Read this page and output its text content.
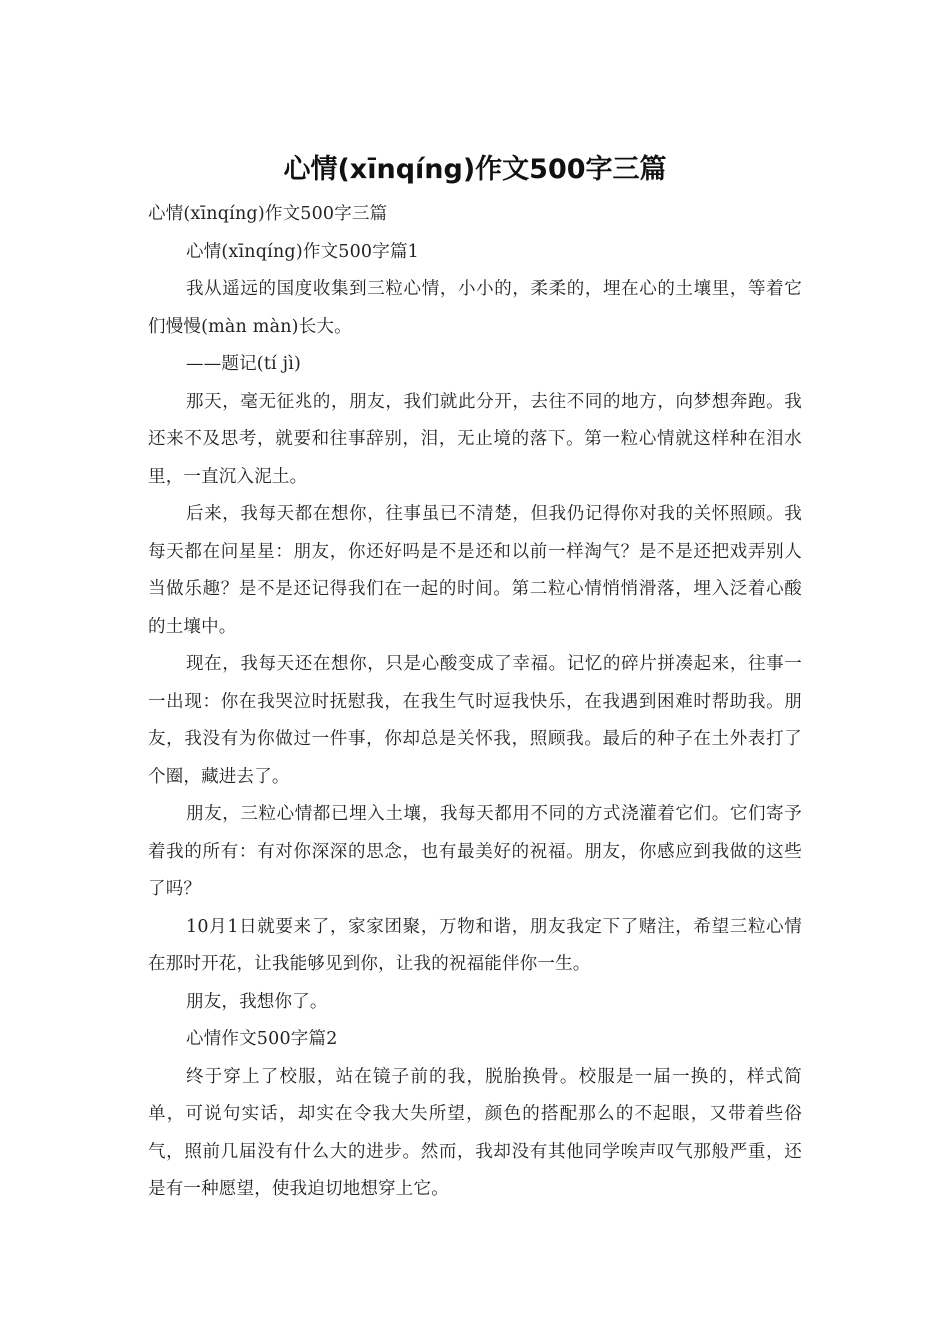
心情(xīnqíng)作文500字三篇

心情(xīnqíng)作文500字三篇

心情(xīnqíng)作文500字篇1

我从遥远的国度收集到三粒心情，小小的，柔柔的，埋在心的土壤里，等着它们慢慢(màn màn)长大。

——题记(tí jì)

那天，毫无征兆的，朋友，我们就此分开，去往不同的地方，向梦想奔跑。我还来不及思考，就要和往事辞别，泪，无止境的落下。第一粒心情就这样种在泪水里，一直沉入泥土。

后来，我每天都在想你，往事虽已不清楚，但我仍记得你对我的关怀照顾。我每天都在问星星：朋友，你还好吗是不是还和以前一样淘气？是不是还把戏弄别人当做乐趣？是不是还记得我们在一起的时间。第二粒心情悄悄滑落，埋入泛着心酸的土壤中。

现在，我每天还在想你，只是心酸变成了幸福。记忆的碎片拼凑起来，往事一一出现：你在我哭泣时抚慰我，在我生气时逗我快乐，在我遇到困难时帮助我。朋友，我没有为你做过一件事，你却总是关怀我，照顾我。最后的种子在土外表打了个圈，藏进去了。

朋友，三粒心情都已埋入土壤，我每天都用不同的方式浇灌着它们。它们寄予着我的所有：有对你深深的思念，也有最美好的祝福。朋友，你感应到我做的这些了吗？

10月1日就要来了，家家团聚，万物和谐，朋友我定下了赌注，希望三粒心情在那时开花，让我能够见到你，让我的祝福能伴你一生。

朋友，我想你了。

心情作文500字篇2

终于穿上了校服，站在镜子前的我，脱胎换骨。校服是一届一换的，样式简单，可说句实话，却实在令我大失所望，颜色的搭配那么的不起眼，又带着些俗气，照前几届没有什么大的进步。然而，我却没有其他同学唉声叹气那般严重，还是有一种愿望，使我迫切地想穿上它。
